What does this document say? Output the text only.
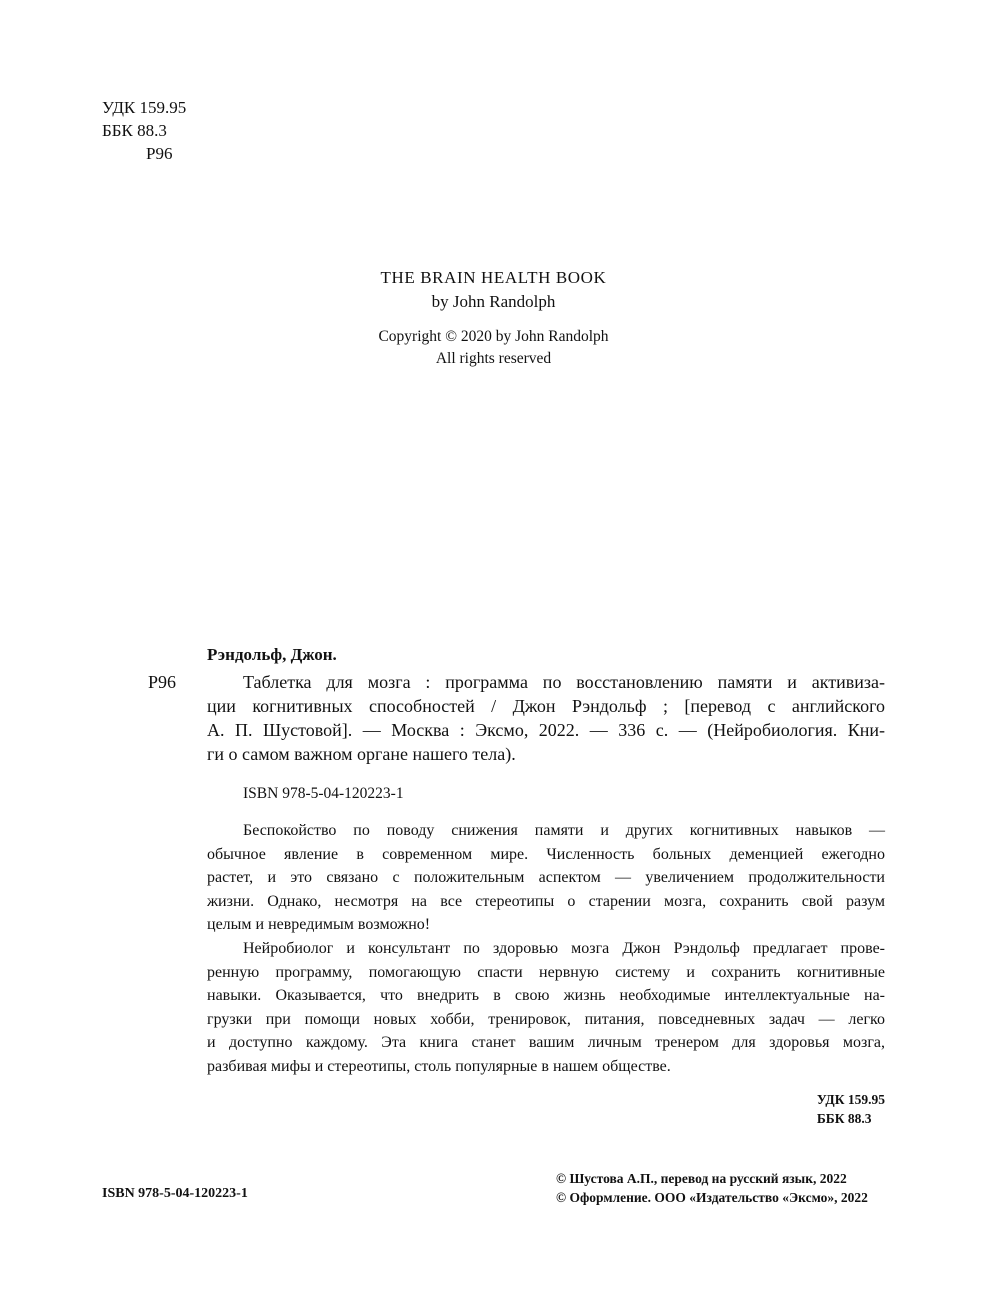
УДК 159.95

ББК 88.3

Р96

THE BRAIN HEALTH BOOK

by John Randolph

Copyright © 2020 by John Randolph

All rights reserved

Рэндольф, Джон.

Р96	Таблетка для мозга : программа по восстановлению памяти и активиза-
ции когнитивных способностей / Джон Рэндольф ; [перевод с английского
А. П. Шустовой]. — Москва : Эксмо, 2022. — 336 с. — (Нейробиология. Кни-
ги о самом важном органе нашего тела).

ISBN 978-5-04-120223-1

Беспокойство по поводу снижения памяти и других когнитивных навыков —
обычное явление в современном мире. Численность больных деменцией ежегодно
растет, и это связано с положительным аспектом — увеличением продолжительности
жизни. Однако, несмотря на все стереотипы о старении мозга, сохранить свой разум
целым и невредимым возможно!
Нейробиолог и консультант по здоровью мозга Джон Рэндольф предлагает прове-
ренную программу, помогающую спасти нервную систему и сохранить когнитивные
навыки. Оказывается, что внедрить в свою жизнь необходимые интеллектуальные на-
грузки при помощи новых хобби, тренировок, питания, повседневных задач — легко
и доступно каждому. Эта книга станет вашим личным тренером для здоровья мозга,
разбивая мифы и стереотипы, столь популярные в нашем обществе.

УДК 159.95

ББК 88.3

ISBN 978-5-04-120223-1

© Шустова А.П., перевод на русский язык, 2022

© Оформление. ООО «Издательство «Эксмо», 2022
